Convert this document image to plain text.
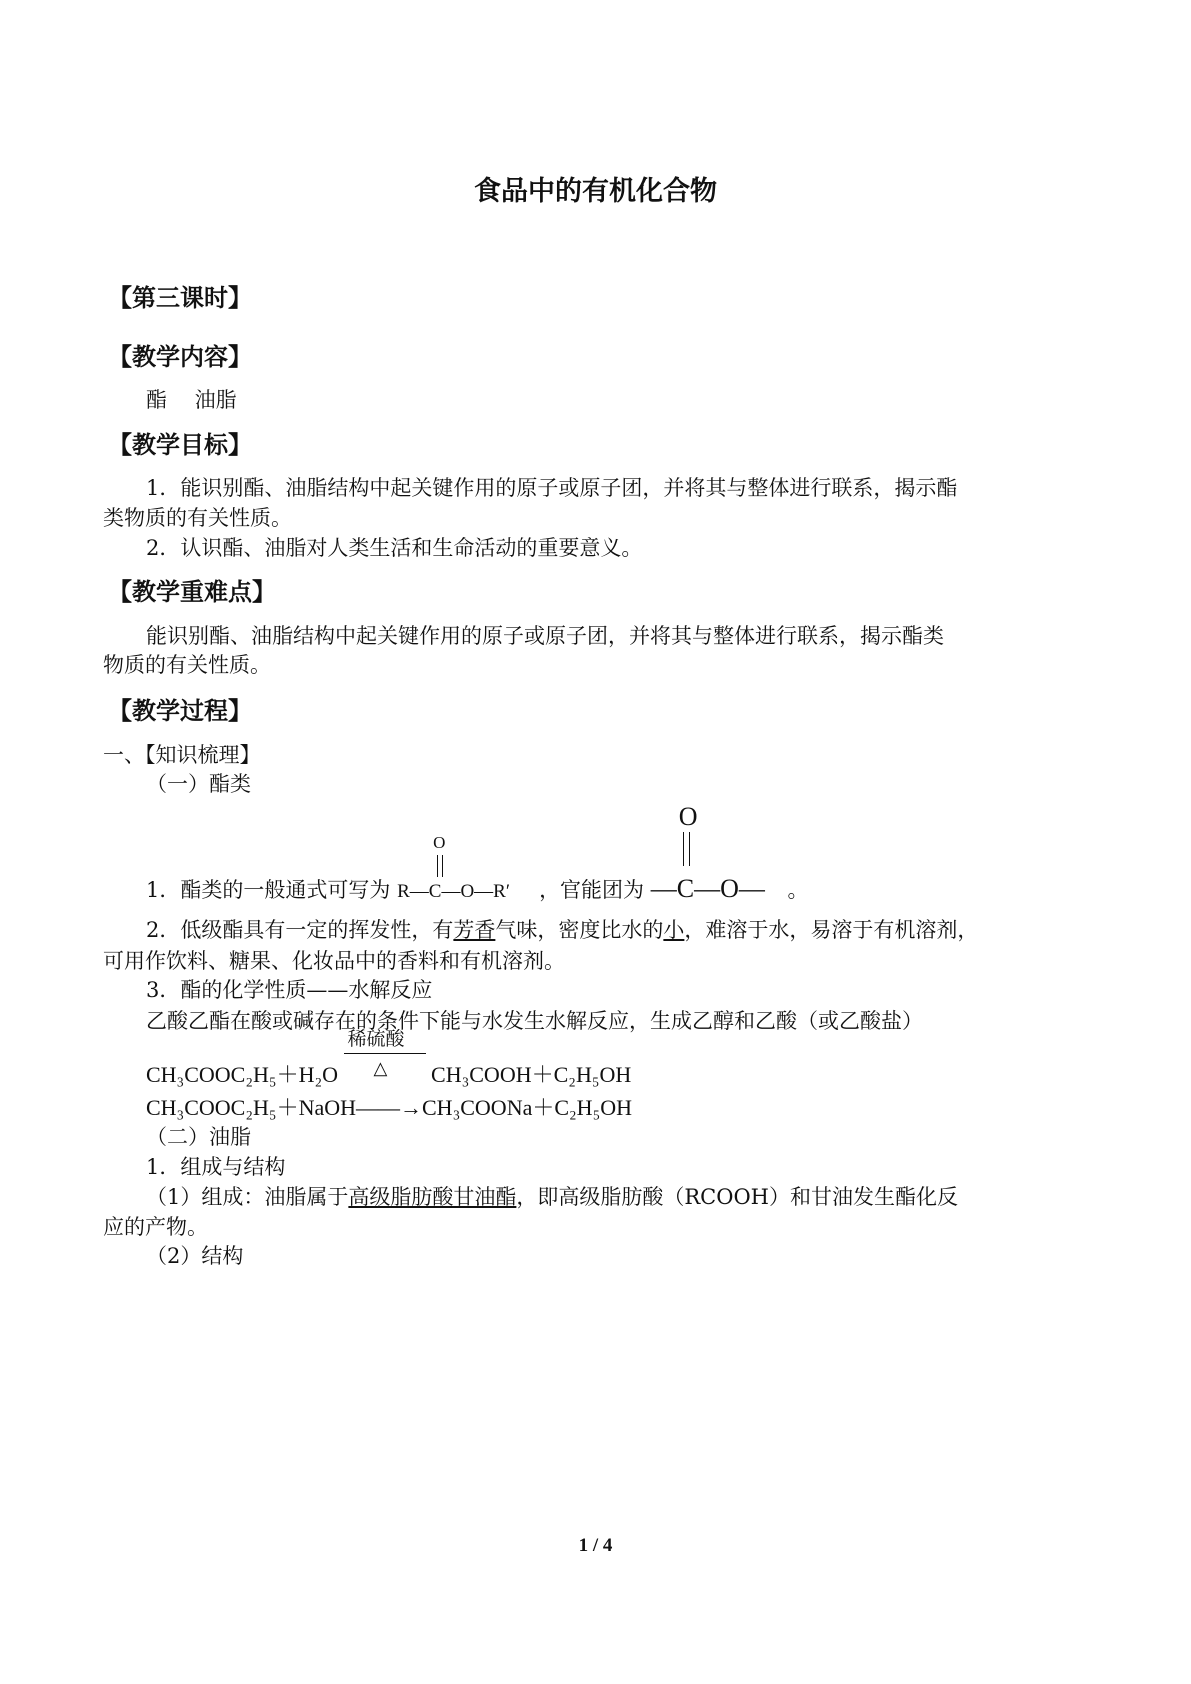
食品中的有机化合物
【第三课时】
【教学内容】
酯　 油脂
【教学目标】
1．能识别酯、油脂结构中起关键作用的原子或原子团，并将其与整体进行联系，揭示酯
类物质的有关性质。
2．认识酯、油脂对人类生活和生命活动的重要意义。
【教学重难点】
能识别酯、油脂结构中起关键作用的原子或原子团，并将其与整体进行联系，揭示酯类
物质的有关性质。
【教学过程】
一、【知识梳理】
（一）酯类
1．酯类的一般通式可写为 R—C—O—R′
O
，官能团为 —C—O—
O
。
2．低级酯具有一定的挥发性，有芳香气味，密度比水的小，难溶于水，易溶于有机溶剂，
可用作饮料、糖果、化妆品中的香料和有机溶剂。
3．酯的化学性质——水解反应
乙酸乙酯在酸或碱存在的条件下能与水发生水解反应，生成乙醇和乙酸（或乙酸盐）
CH₃COOC₂H₅＋H₂O
稀硫酸
△ CH₃COOH＋C₂H₅OH
CH₃COOC₂H₅＋NaOH——→CH₃COONa＋C₂H₅OH
（二）油脂
1．组成与结构
（1）组成：油脂属于高级脂肪酸甘油酯，即高级脂肪酸（RCOOH）和甘油发生酯化反
应的产物。
（2）结构
1 / 4
